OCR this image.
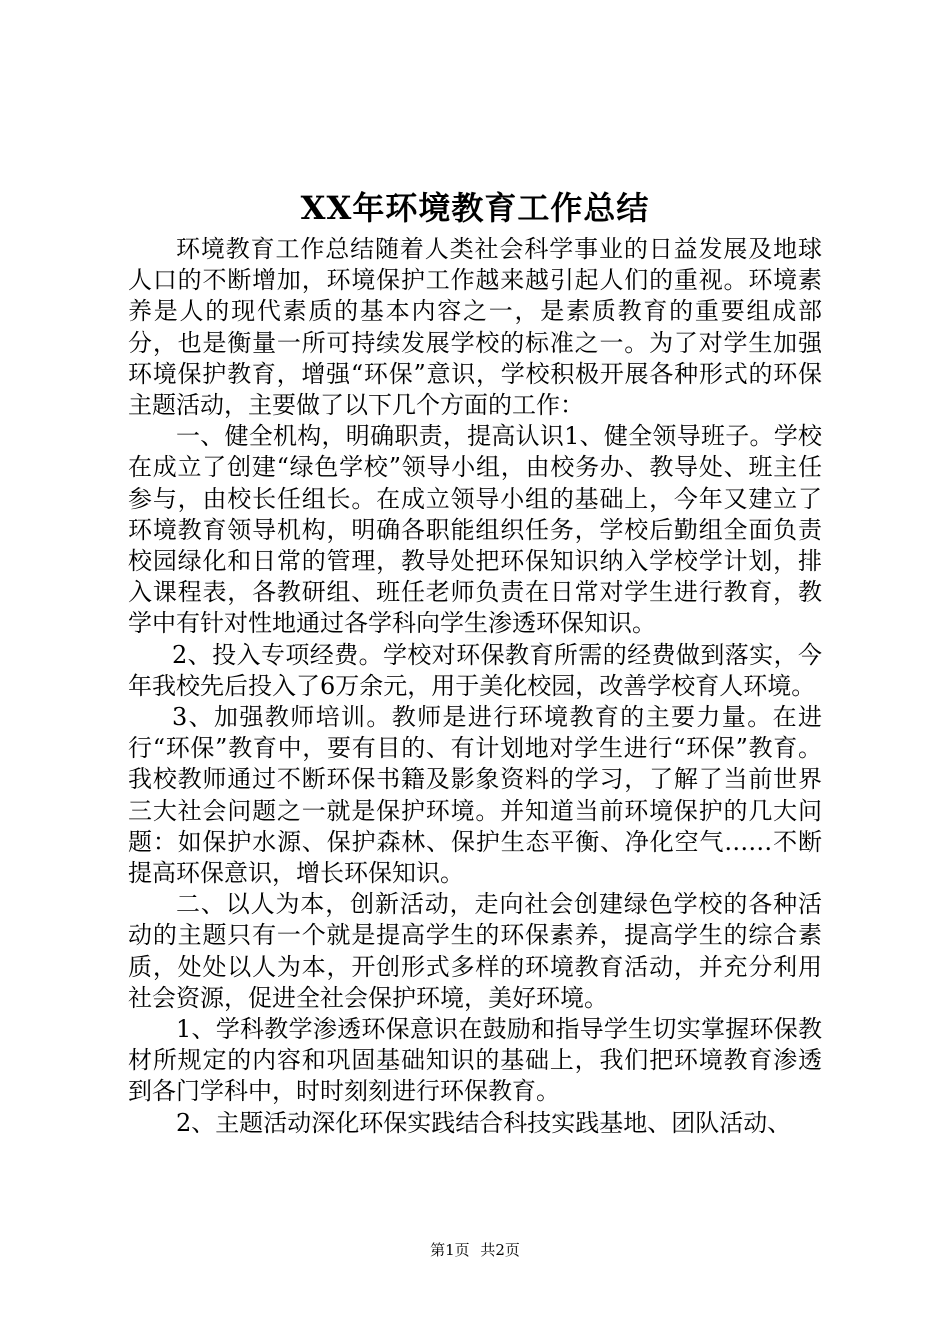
XX年环境教育工作总结

环境教育工作总结随着人类社会科学事业的日益发展及地球人口的不断增加，环境保护工作越来越引起人们的重视。环境素养是人的现代素质的基本内容之一，是素质教育的重要组成部分，也是衡量一所可持续发展学校的标准之一。为了对学生加强环境保护教育，增强“环保”意识，学校积极开展各种形式的环保主题活动，主要做了以下几个方面的工作：

一、健全机构，明确职责，提高认识1、健全领导班子。学校在成立了创建“绿色学校”领导小组，由校务办、教导处、班主任参与，由校长任组长。在成立领导小组的基础上，今年又建立了环境教育领导机构，明确各职能组织任务，学校后勤组全面负责校园绿化和日常的管理，教导处把环保知识纳入学校学计划，排入课程表，各教研组、班任老师负责在日常对学生进行教育，教学中有针对性地通过各学科向学生渗透环保知识。

2、投入专项经费。学校对环保教育所需的经费做到落实，今年我校先后投入了6万余元，用于美化校园，改善学校育人环境。

3、加强教师培训。教师是进行环境教育的主要力量。在进行“环保”教育中，要有目的、有计划地对学生进行“环保”教育。我校教师通过不断环保书籍及影象资料的学习，了解了当前世界三大社会问题之一就是保护环境。并知道当前环境保护的几大问题：如保护水源、保护森林、保护生态平衡、净化空气……不断提高环保意识，增长环保知识。

二、以人为本，创新活动，走向社会创建绿色学校的各种活动的主题只有一个就是提高学生的环保素养，提高学生的综合素质，处处以人为本，开创形式多样的环境教育活动，并充分利用社会资源，促进全社会保护环境，美好环境。

1、学科教学渗透环保意识在鼓励和指导学生切实掌握环保教材所规定的内容和巩固基础知识的基础上，我们把环境教育渗透到各门学科中，时时刻刻进行环保教育。

2、主题活动深化环保实践结合科技实践基地、团队活动、

第1页 共2页
